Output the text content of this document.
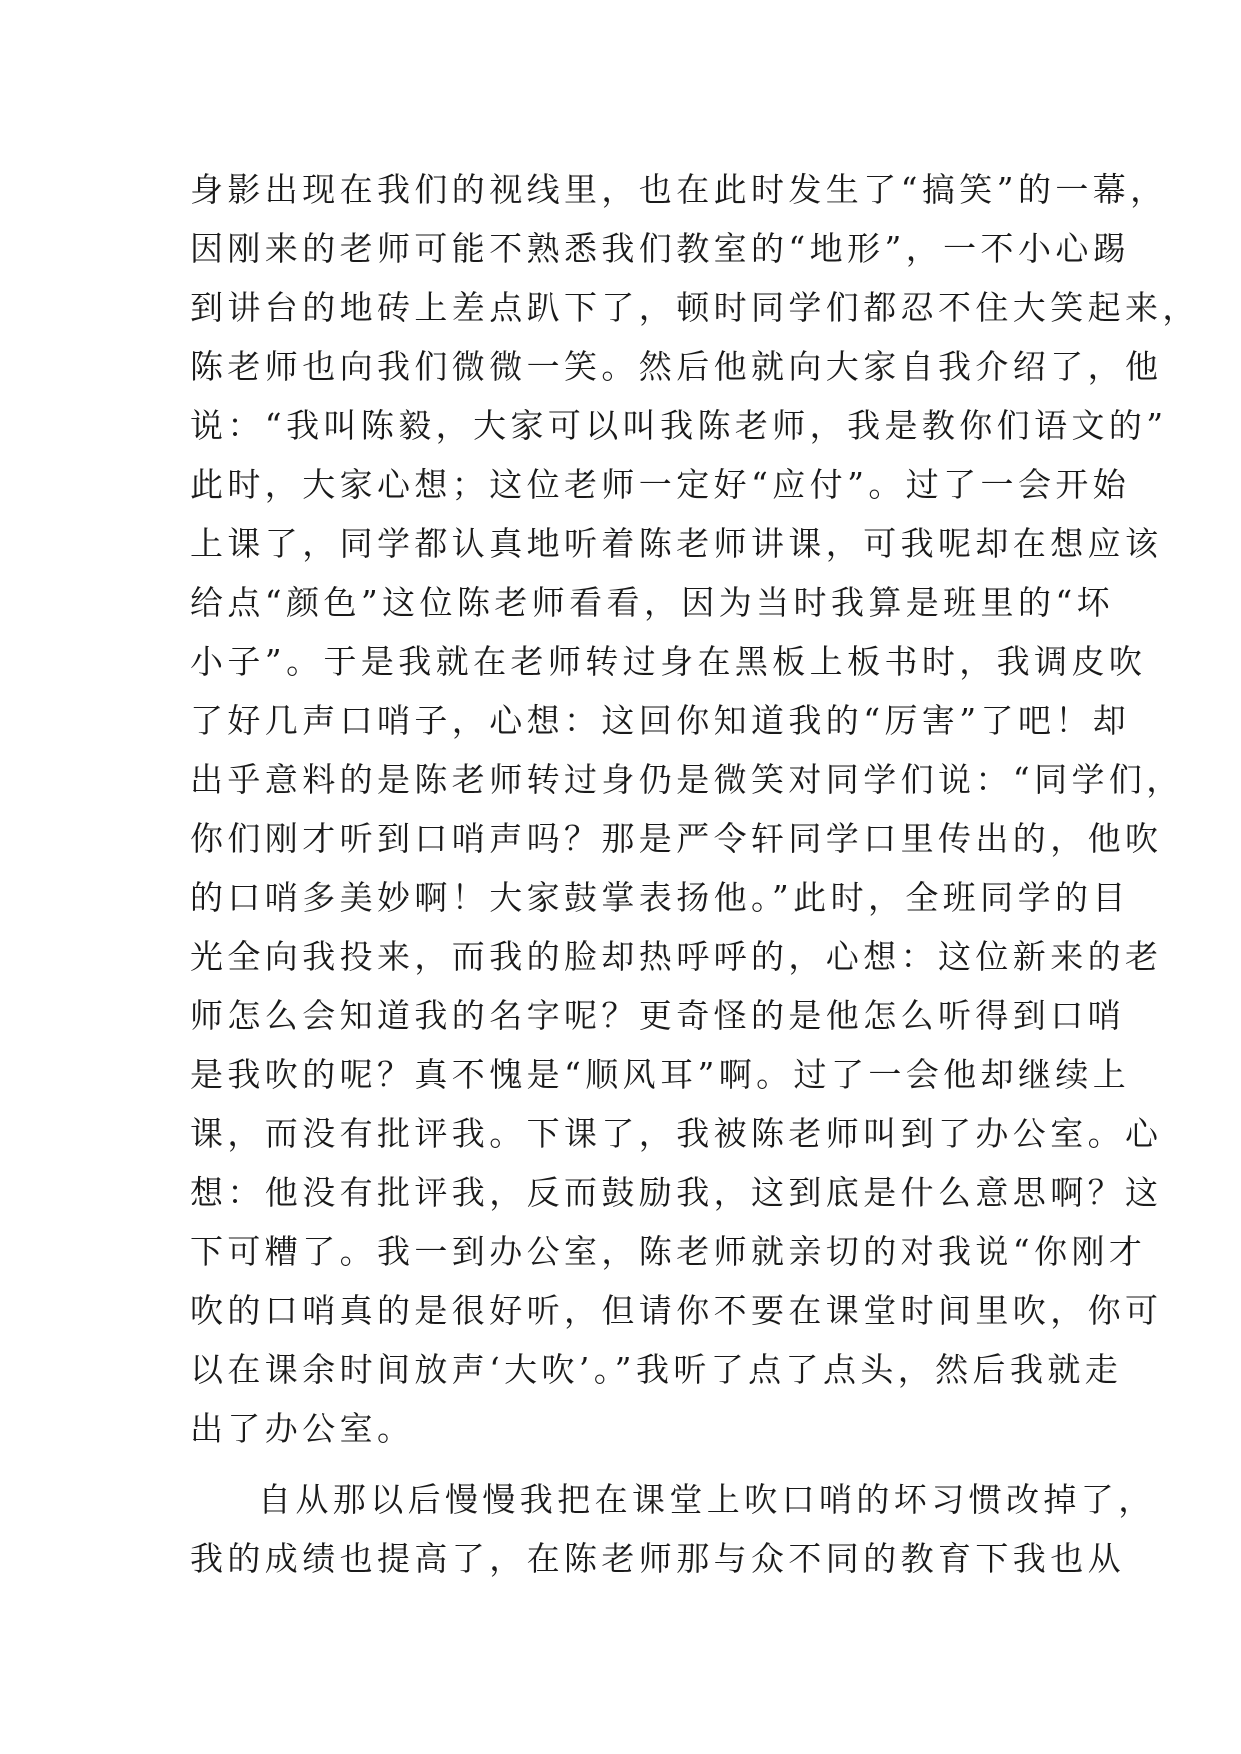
身影出现在我们的视线里，也在此时发生了“搞笑”的一幕，
因刚来的老师可能不熟悉我们教室的“地形”，一不小心踢
到讲台的地砖上差点趴下了，顿时同学们都忍不住大笑起来，
陈老师也向我们微微一笑。然后他就向大家自我介绍了，他
说：“我叫陈毅，大家可以叫我陈老师，我是教你们语文的”
此时，大家心想；这位老师一定好“应付”。过了一会开始
上课了，同学都认真地听着陈老师讲课，可我呢却在想应该
给点“颜色”这位陈老师看看，因为当时我算是班里的“坏
小子”。于是我就在老师转过身在黑板上板书时，我调皮吹
了好几声口哨子，心想：这回你知道我的“厉害”了吧！却
出乎意料的是陈老师转过身仍是微笑对同学们说：“同学们，
你们刚才听到口哨声吗？那是严令轩同学口里传出的，他吹
的口哨多美妙啊！大家鼓掌表扬他。”此时，全班同学的目
光全向我投来，而我的脸却热呼呼的，心想：这位新来的老
师怎么会知道我的名字呢？更奇怪的是他怎么听得到口哨
是我吹的呢？真不愧是“顺风耳”啊。过了一会他却继续上
课，而没有批评我。下课了，我被陈老师叫到了办公室。心
想：他没有批评我，反而鼓励我，这到底是什么意思啊？这
下可糟了。我一到办公室，陈老师就亲切的对我说“你刚才
吹的口哨真的是很好听，但请你不要在课堂时间里吹，你可
以在课余时间放声‘大吹’。”我听了点了点头，然后我就走
出了办公室。
自从那以后慢慢我把在课堂上吹口哨的坏习惯改掉了，
我的成绩也提高了，在陈老师那与众不同的教育下我也从
